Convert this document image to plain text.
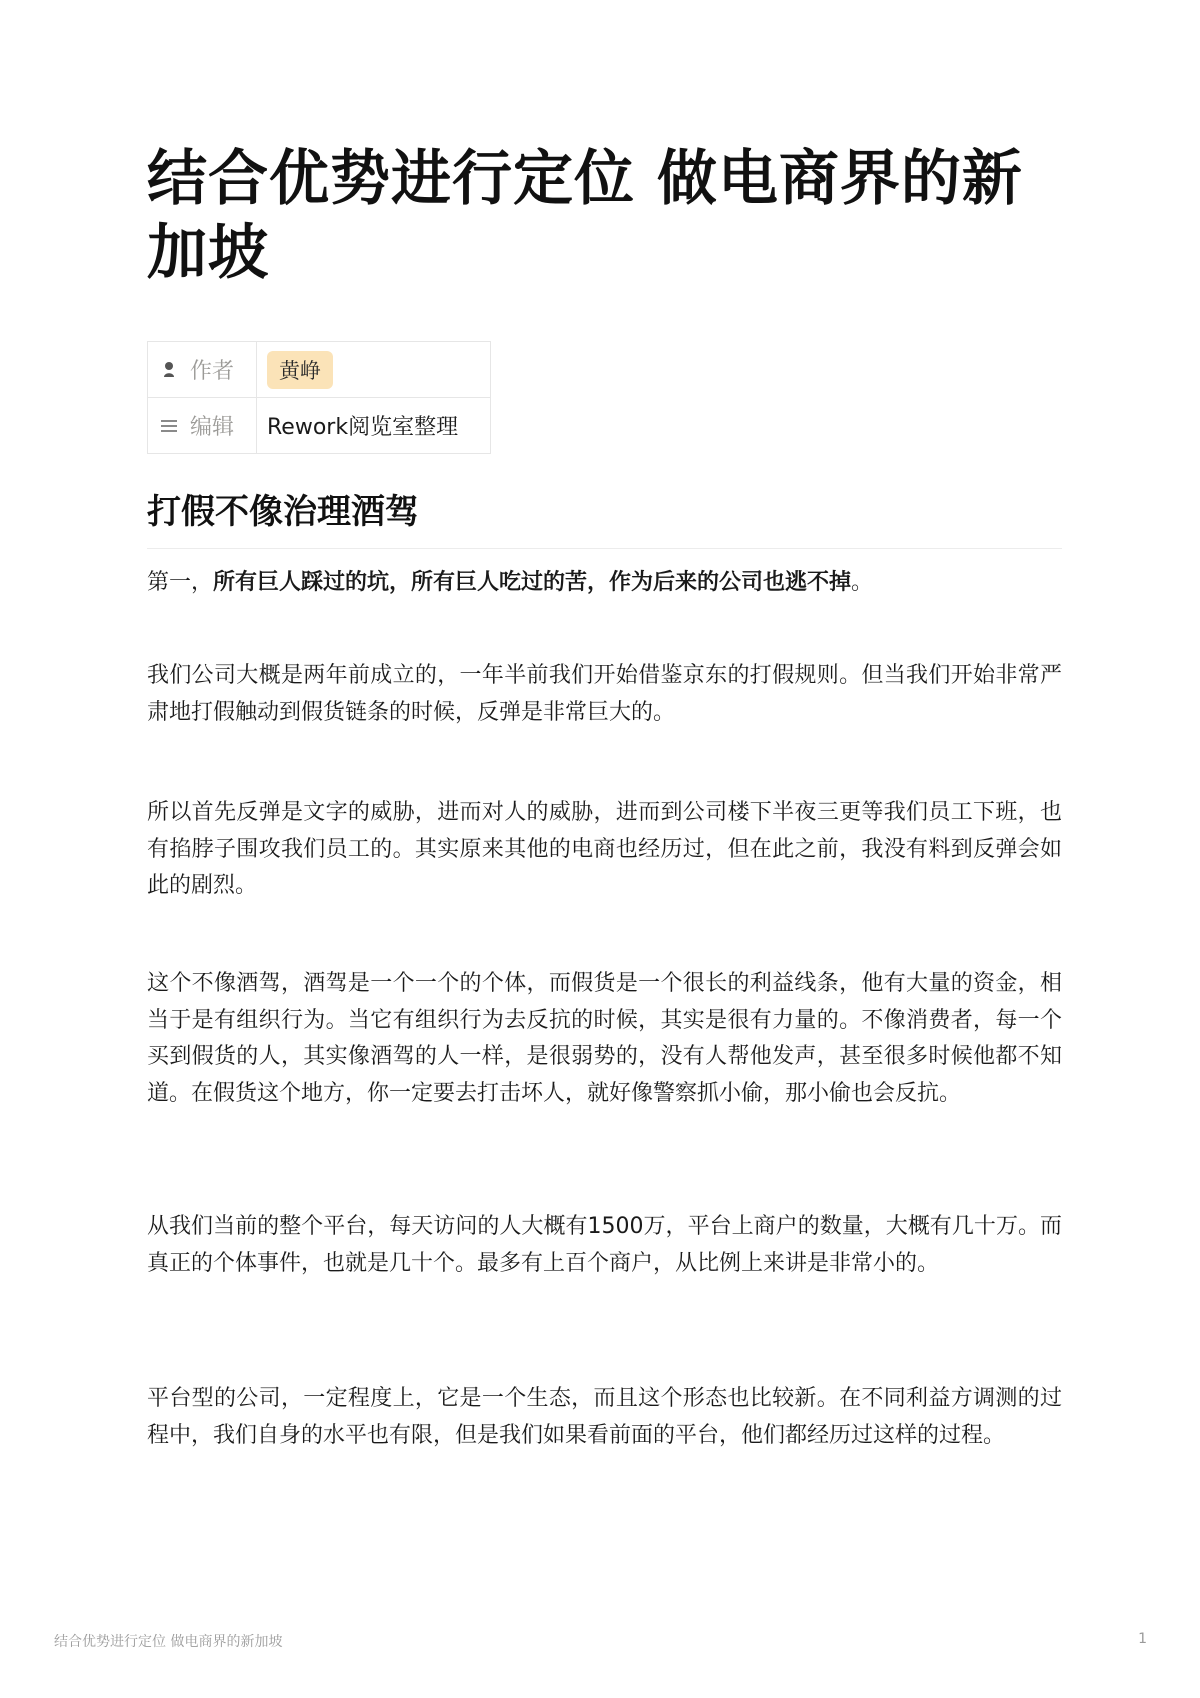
结合优势进行定位 做电商界的新加坡
作者	黄峥
编辑	Rework阅览室整理
打假不像治理酒驾

第一，所有巨人踩过的坑，所有巨人吃过的苦，作为后来的公司也逃不掉。

我们公司大概是两年前成立的，一年半前我们开始借鉴京东的打假规则。但当我们开始非常严肃地打假触动到假货链条的时候，反弹是非常巨大的。

所以首先反弹是文字的威胁，进而对人的威胁，进而到公司楼下半夜三更等我们员工下班，也有掐脖子围攻我们员工的。其实原来其他的电商也经历过，但在此之前，我没有料到反弹会如此的剧烈。

这个不像酒驾，酒驾是一个一个的个体，而假货是一个很长的利益线条，他有大量的资金，相当于是有组织行为。当它有组织行为去反抗的时候，其实是很有力量的。不像消费者，每一个买到假货的人，其实像酒驾的人一样，是很弱势的，没有人帮他发声，甚至很多时候他都不知道。在假货这个地方，你一定要去打击坏人，就好像警察抓小偷，那小偷也会反抗。

从我们当前的整个平台，每天访问的人大概有1500万，平台上商户的数量，大概有几十万。而真正的个体事件，也就是几十个。最多有上百个商户，从比例上来讲是非常小的。

平台型的公司，一定程度上，它是一个生态，而且这个形态也比较新。在不同利益方调测的过程中，我们自身的水平也有限，但是我们如果看前面的平台，他们都经历过这样的过程。

结合优势进行定位 做电商界的新加坡	1
